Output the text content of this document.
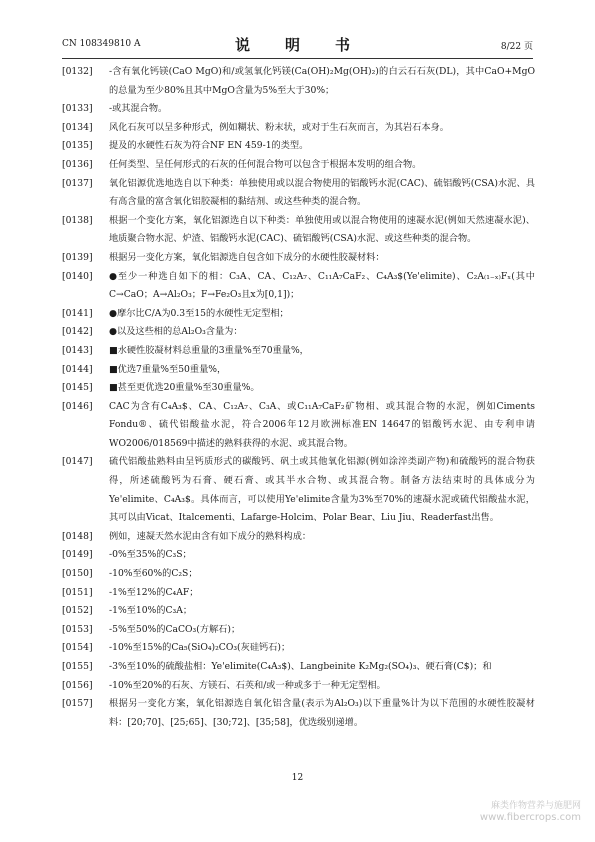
CN 108349810 A	说　明　书	8/22 页
[0132] -含有氧化钙镁(CaO MgO)和/或氢氧化钙镁(Ca(OH)₂Mg(OH)₂)的白云石石灰(DL)，其中CaO+MgO的总量为至少80%且其中MgO含量为5%至大于30%；
[0133] -或其混合物。
[0134] 风化石灰可以呈多种形式，例如糊状、粉末状，或对于生石灰而言，为其岩石本身。
[0135] 提及的水硬性石灰为符合NF EN 459-1的类型。
[0136] 任何类型、呈任何形式的石灰的任何混合物可以包含于根据本发明的组合物。
[0137] 氧化铝源优选地选自以下种类：单独使用或以混合物使用的铝酸钙水泥(CAC)、硫铝酸钙(CSA)水泥、具有高含量的富含氧化铝胶凝相的黏结剂、或这些种类的混合物。
[0138] 根据一个变化方案，氧化铝源选自以下种类：单独使用或以混合物使用的速凝水泥(例如天然速凝水泥)、地质聚合物水泥、炉渣、铝酸钙水泥(CAC)、硫铝酸钙(CSA)水泥、或这些种类的混合物。
[0139] 根据另一变化方案，氧化铝源选自包含如下成分的水硬性胶凝材料：
[0140] ●至少一种选自如下的相：C₃A、CA、C₁₂A₇、C₁₁A₇CaF₂、C₄A₃$(Ye'elimite)、C₂A₍₁₋ₓ₎Fₓ(其中C→CaO；A→Al₂O₃；F→Fe₂O₃且x为[0,1])；
[0141] ●摩尔比C/A为0.3至15的水硬性无定型相；
[0142] ●以及这些相的总Al₂O₃含量为：
[0143] ■水硬性胶凝材料总重量的3重量%至70重量%，
[0144] ■优选7重量%至50重量%，
[0145] ■甚至更优选20重量%至30重量%。
[0146] CAC为含有C₄A₃$、CA、C₁₂A₇、C₃A、或C₁₁A₇CaF₂矿物相、或其混合物的水泥，例如Ciments Fondu®、硫代铝酸盐水泥，符合2006年12月欧洲标准EN 14647的铝酸钙水泥、由专利申请WO2006/018569中描述的熟料获得的水泥、或其混合物。
[0147] 硫代铝酸盐熟料由呈钙质形式的碳酸钙、矾土或其他氧化铝源(例如涂淬类副产物)和硫酸钙的混合物获得，所述硫酸钙为石膏、硬石膏、或其半水合物、或其混合物。制备方法结束时的具体成分为Ye'elimite、C₄A₃$。具体而言，可以使用Ye'elimite含量为3%至70%的速凝水泥或硫代铝酸盐水泥，其可以由Vicat、Italcementi、Lafarge-Holcim、Polar Bear、Liu Jiu、Readerfast出售。
[0148] 例如，速凝天然水泥由含有如下成分的熟料构成：
[0149] -0%至35%的C₃S；
[0150] -10%至60%的C₂S；
[0151] -1%至12%的C₄AF；
[0152] -1%至10%的C₃A；
[0153] -5%至50%的CaCO₃(方解石)；
[0154] -10%至15%的Ca₅(SiO₄)₂CO₃(灰硅钙石)；
[0155] -3%至10%的硫酸盐相：Ye'elimite(C₄A₃$)、Langbeinite K₂Mg₂(SO₄)₃、硬石膏(C$)；和
[0156] -10%至20%的石灰、方镁石、石英和/或一种或多于一种无定型相。
[0157] 根据另一变化方案，氧化铝源选自氧化铝含量(表示为Al₂O₃)以下重量%计为以下范围的水硬性胶凝材料：[20;70]、[25;65]、[30;72]、[35;58]，优选级别递增。
12
麻类作物营养与施肥网
www.fibercrops.com
